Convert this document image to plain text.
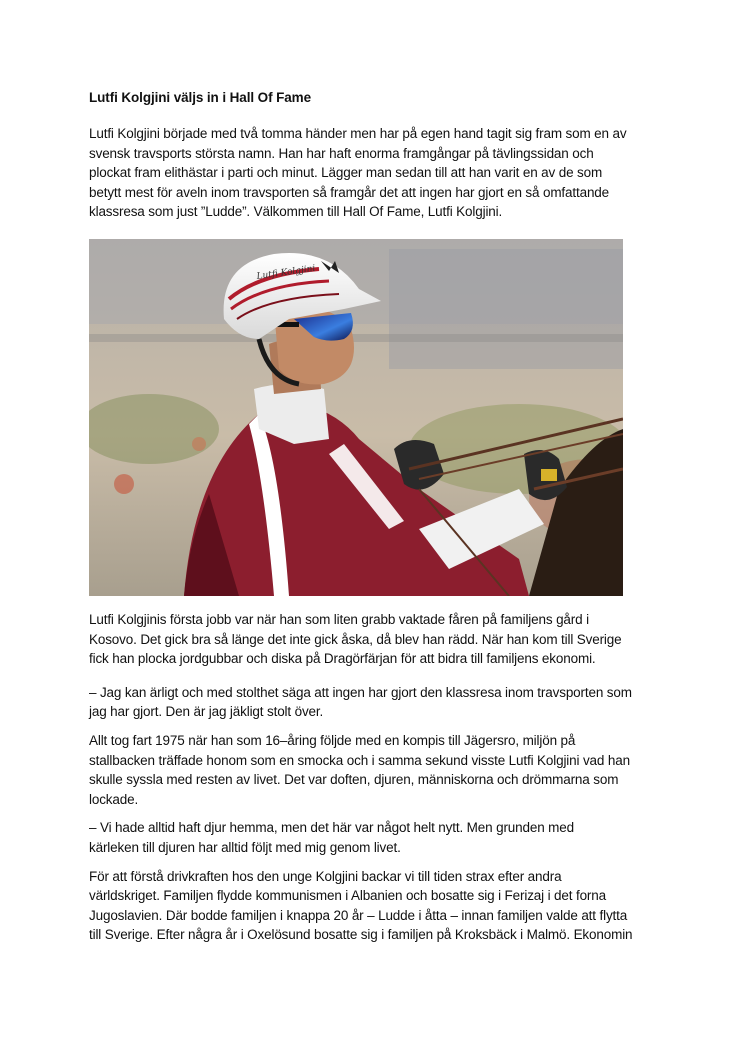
Lutfi Kolgjini väljs in i Hall Of Fame

Lutfi Kolgjini började med två tomma händer men har på egen hand tagit sig fram som en av
svensk travsports största namn. Han har haft enorma framgångar på tävlingssidan och
plockat fram elithästar i parti och minut. Lägger man sedan till att han varit en av de som
betytt mest för aveln inom travsporten så framgår det att ingen har gjort en så omfattande
klassresa som just ”Ludde”. Välkommen till Hall Of Fame, Lutfi Kolgjini.

Lutfi Kolgjini

Lutfi Kolgjinis första jobb var när han som liten grabb vaktade fåren på familjens gård i
Kosovo. Det gick bra så länge det inte gick åska, då blev han rädd. När han kom till Sverige
fick han plocka jordgubbar och diska på Dragörfärjan för att bidra till familjens ekonomi.

– Jag kan ärligt och med stolthet säga att ingen har gjort den klassresa inom travsporten som
jag har gjort. Den är jag jäkligt stolt över.

Allt tog fart 1975 när han som 16–åring följde med en kompis till Jägersro, miljön på
stallbacken träffade honom som en smocka och i samma sekund visste Lutfi Kolgjini vad han
skulle syssla med resten av livet. Det var doften, djuren, människorna och drömmarna som
lockade.

– Vi hade alltid haft djur hemma, men det här var något helt nytt. Men grunden med
kärleken till djuren har alltid följt med mig genom livet.

För att förstå drivkraften hos den unge Kolgjini backar vi till tiden strax efter andra
världskriget. Familjen flydde kommunismen i Albanien och bosatte sig i Ferizaj i det forna
Jugoslavien. Där bodde familjen i knappa 20 år – Ludde i åtta – innan familjen valde att flytta
till Sverige. Efter några år i Oxelösund bosatte sig i familjen på Kroksbäck i Malmö. Ekonomin
